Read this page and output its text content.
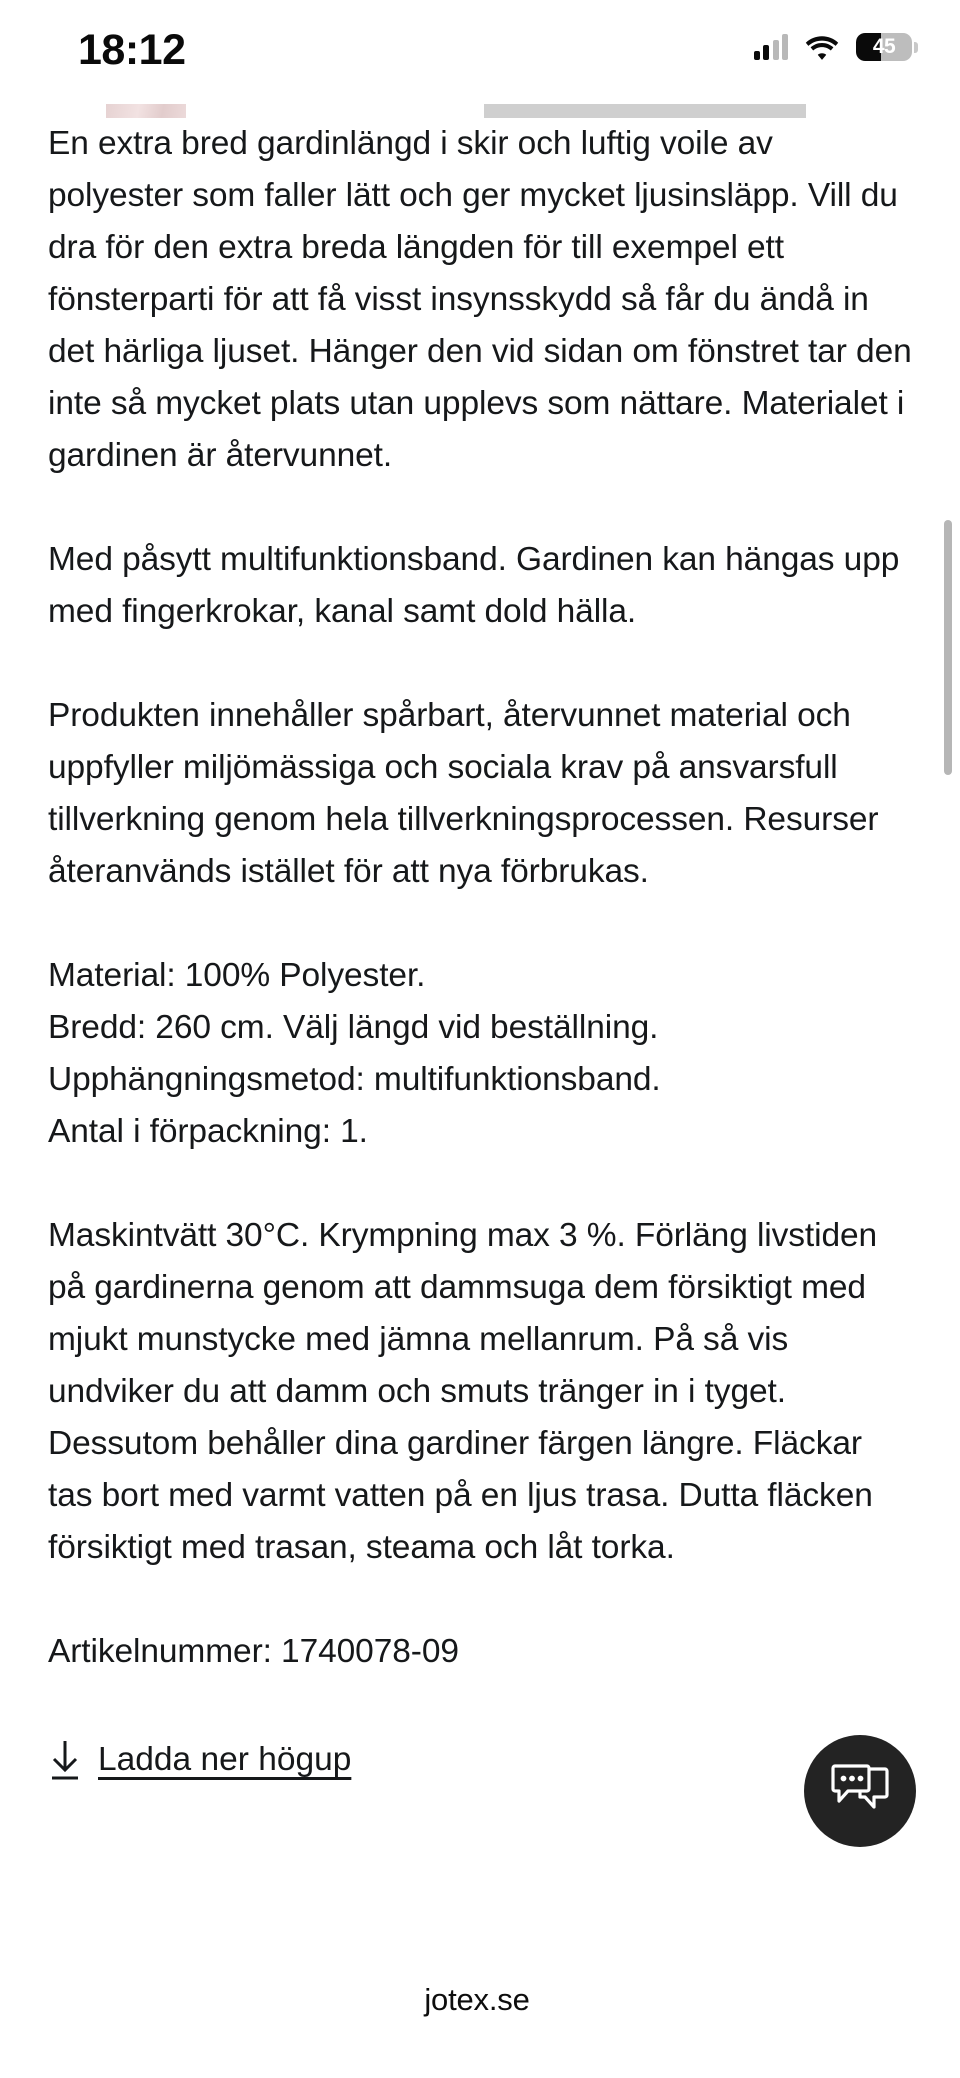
18:12	45

En extra bred gardinlängd i skir och luftig voile av polyester som faller lätt och ger mycket ljusinsläpp. Vill du dra för den extra breda längden för till exempel ett fönsterparti för att få visst insynsskydd så får du ändå in det härliga ljuset. Hänger den vid sidan om fönstret tar den inte så mycket plats utan upplevs som nättare. Materialet i gardinen är återvunnet.

Med påsytt multifunktionsband. Gardinen kan hängas upp med fingerkrokar, kanal samt dold hälla.

Produkten innehåller spårbart, återvunnet material och uppfyller miljömässiga och sociala krav på ansvarsfull tillverkning genom hela tillverkningsprocessen. Resurser återanvänds istället för att nya förbrukas.

Material: 100% Polyester.
Bredd: 260 cm. Välj längd vid beställning.
Upphängningsmetod: multifunktionsband.
Antal i förpackning: 1.

Maskintvätt 30°C. Krympning max 3 %. Förläng livstiden på gardinerna genom att dammsuga dem försiktigt med mjukt munstycke med jämna mellanrum. På så vis undviker du att damm och smuts tränger in i tyget. Dessutom behåller dina gardiner färgen längre. Fläckar tas bort med varmt vatten på en ljus trasa. Dutta fläcken försiktigt med trasan, steama och låt torka.

Artikelnummer: 1740078-09

Ladda ner högup
jotex.se
